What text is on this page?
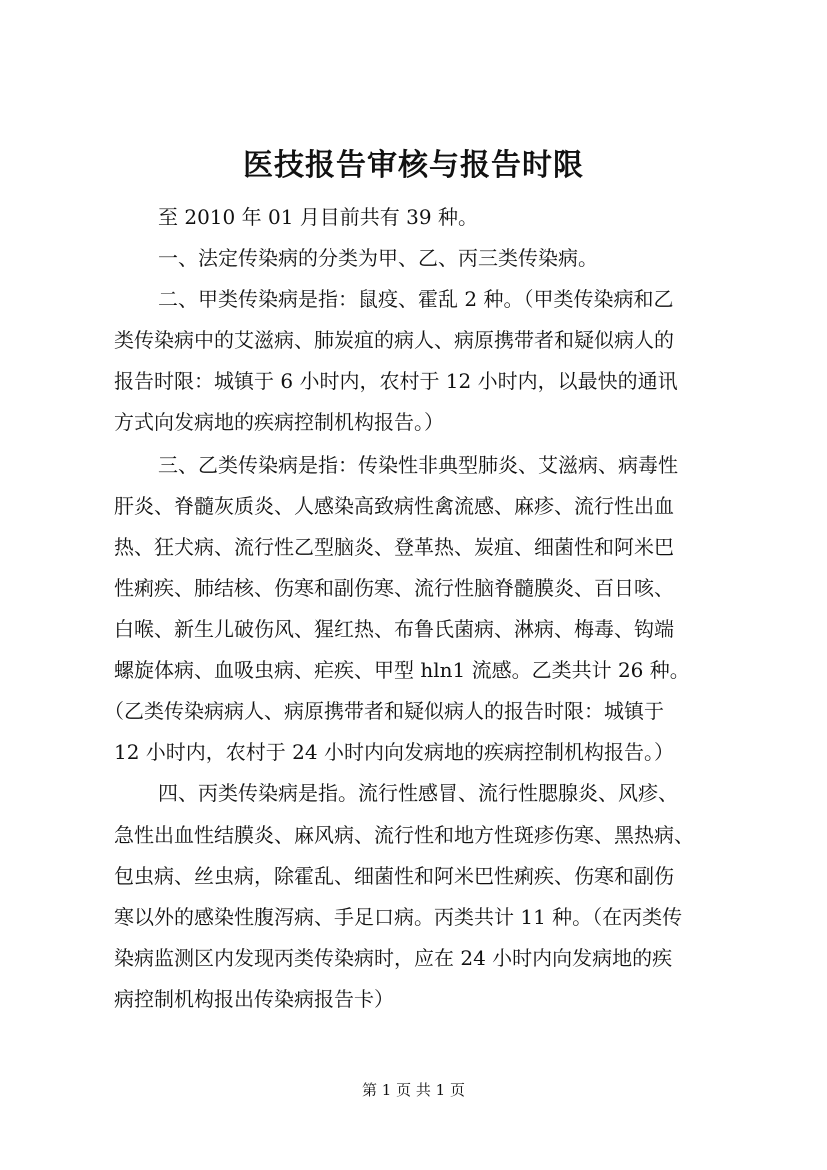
医技报告审核与报告时限
至 2010 年 01 月目前共有 39 种。
一、法定传染病的分类为甲、乙、丙三类传染病。
二、甲类传染病是指：鼠疫、霍乱 2 种。（甲类传染病和乙
类传染病中的艾滋病、肺炭疽的病人、病原携带者和疑似病人的
报告时限：城镇于 6 小时内，农村于 12 小时内，以最快的通讯
方式向发病地的疾病控制机构报告。）
三、乙类传染病是指：传染性非典型肺炎、艾滋病、病毒性
肝炎、脊髓灰质炎、人感染高致病性禽流感、麻疹、流行性出血
热、狂犬病、流行性乙型脑炎、登革热、炭疽、细菌性和阿米巴
性痢疾、肺结核、伤寒和副伤寒、流行性脑脊髓膜炎、百日咳、
白喉、新生儿破伤风、猩红热、布鲁氏菌病、淋病、梅毒、钩端
螺旋体病、血吸虫病、疟疾、甲型 hln1 流感。乙类共计 26 种。
（乙类传染病病人、病原携带者和疑似病人的报告时限：城镇于
12 小时内，农村于 24 小时内向发病地的疾病控制机构报告。）
四、丙类传染病是指。流行性感冒、流行性腮腺炎、风疹、
急性出血性结膜炎、麻风病、流行性和地方性斑疹伤寒、黑热病、
包虫病、丝虫病，除霍乱、细菌性和阿米巴性痢疾、伤寒和副伤
寒以外的感染性腹泻病、手足口病。丙类共计 11 种。（在丙类传
染病监测区内发现丙类传染病时，应在 24 小时内向发病地的疾
病控制机构报出传染病报告卡）
第 1 页 共 1 页
